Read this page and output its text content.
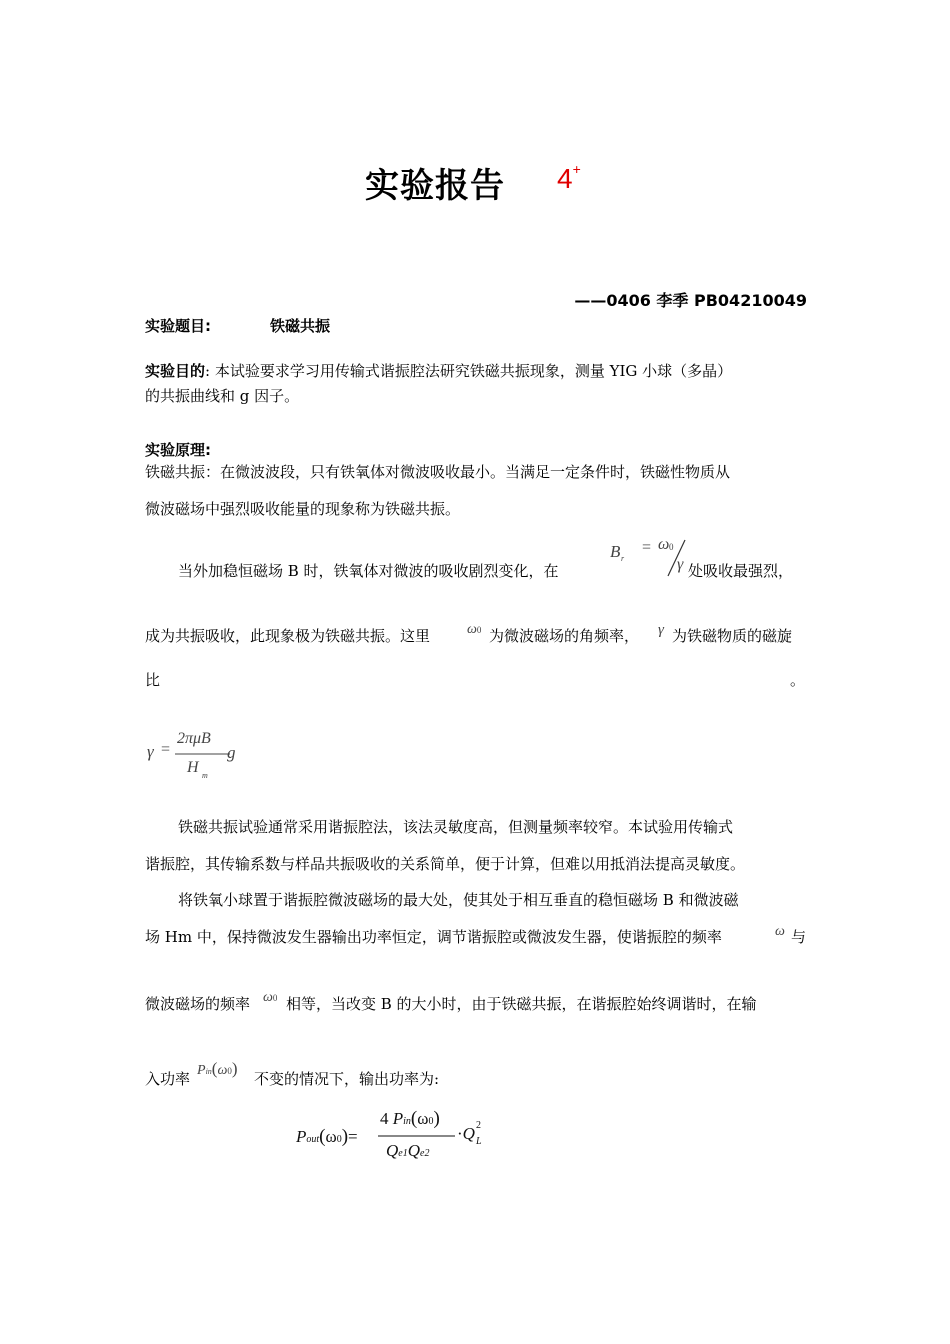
实验报告 4+
——0406 李季 PB04210049
实验题目:	铁磁共振
实验目的: 本试验要求学习用传输式谐振腔法研究铁磁共振现象，测量 YIG 小球（多晶）
的共振曲线和 g 因子。
实验原理:
铁磁共振：在微波波段，只有铁氧体对微波吸收最小。当满足一定条件时，铁磁性物质从
微波磁场中强烈吸收能量的现象称为铁磁共振。
当外加稳恒磁场 B 时，铁氧体对微波的吸收剧烈变化，在
B r
= ω 0
γ 处吸收最强烈，
成为共振吸收，此现象极为铁磁共振。这里	ω0 为微波磁场的角频率， γ 为铁磁物质的磁旋
比	。
γ =
2πμB
H m
g
铁磁共振试验通常采用谐振腔法，该法灵敏度高，但测量频率较窄。本试验用传输式
谐振腔，其传输系数与样品共振吸收的关系简单，便于计算，但难以用抵消法提高灵敏度。
将铁氧小球置于谐振腔微波磁场的最大处，使其处于相互垂直的稳恒磁场 B 和微波磁
场 Hm 中，保持微波发生器输出功率恒定，调节谐振腔或微波发生器，使谐振腔的频率	ω 与
微波磁场的频率 ω0 相等，当改变 B 的大小时，由于铁磁共振，在谐振腔始终调谐时，在输
入功率 Pin(ω0)
不变的情况下，输出功率为:
Pout(ω0)=
4 Pin(ω0)
Qe1Qe2
·Q 2
L
